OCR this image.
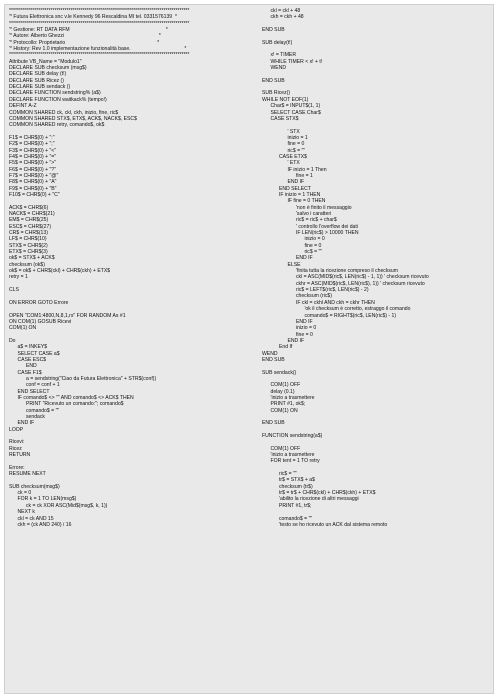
*******************************************************************************************
'* Futura Elettronica snc v.le Kennedy 96 Rescaldina MI tel. 0331576139  *
*******************************************************************************************
'* Gestione: RT DATA RFM                                                                    *
'* Autore: Alberto Ghezzi                                                                   *
'* Protocollo: Proprietario                                                                 *
'* History: Rev 1.0 implementazione funzionalità base.                                      *
*******************************************************************************************
Attribute VB_Name = "Modulo1"
DECLARE SUB checksum (msg$)
DECLARE SUB delay (t!)
DECLARE SUB Ricez ()
DECLARE SUB sendack ()
DECLARE FUNCTION sendstring% (a$)
DECLARE FUNCTION waitkack% (tempo!)
DEFINT A-Z
COMMON SHARED ck, ckl, ckh, inizio, fine, ric$
COMMON SHARED STX$, ETX$, ACK$, NACK$, ESC$
COMMON SHARED retry, comando$, ok$
F1$ = CHR$(0) + ":"
F2$ = CHR$(0) + ";"
F3$ = CHR$(0) + "<"
F4$ = CHR$(0) + "="
F5$ = CHR$(0) + ">"
F6$ = CHR$(0) + "?"
F7$ = CHR$(0) + "@"
F8$ = CHR$(0) + "A"
F9$ = CHR$(0) + "B"
F10$ = CHR$(0) + "C"
ACK$ = CHR$(6)
NACK$ = CHR$(21)
EM$ = CHR$(25)
ESC$ = CHR$(27)
CR$ = CHR$(13)
LF$ = CHR$(10)
STX$ = CHR$(2)
ETX$ = CHR$(3)
ok$ = STX$ + ACK$
checksum (ok$)
ok$ = ok$ + CHR$(ckl) + CHR$(ckh) + ETX$
retry = 1
CLS
ON ERROR GOTO Errore
OPEN "COM1:4800,N,8,1,rs" FOR RANDOM As #1
ON COM(1) GOSUB Ricevi
COM(1) ON
Do
a$ = INKEY$
SELECT CASE a$
CASE ESC$
END
CASE F1$
a = sendstring("Ciao da Futura Elettronica" + STR$(conf))
conf = conf + 1
END SELECT
IF comando$ <> "" AND comando$ <> ACK$ THEN
PRINT "Ricevuto un comando:"; comando$
comando$ = ""
sendack
END IF
LOOP
Ricevi:
Ricez
RETURN
Errore:
RESUME NEXT
SUB checksum(msg$)
ck = 0
FOR k = 1 TO LEN(msg$)
ck = ck XOR ASC(Mid$(msg$, k, 1))
NEXT k
ckl = ck AND 15
ckh = (ck AND 240) / 16
ckl = ckl + 48
ckh = ckh + 48
END SUB
SUB delay(t!)
x! = TIMER
WHILE TIMER < x! + t!
WEND
END SUB
SUB Ricez()
WHILE NOT EOF(1)
Char$ = INPUT$(1, 1)
SELECT CASE Char$
CASE STX$
' STX
inizio = 1
fine = 0
ric$ = ""
CASE ETX$
' ETX
IF inizio = 1 Then
fine = 1
END IF
END SELECT
IF inizio = 1 THEN
IF fine = 0 THEN
'non è finito il messaggio
'salvo i caratteri
ric$ = ric$ + char$
' controllo l'overflow dei dati
IF LEN(ric$) > 10000 THEN
inizio = 0
fine = 0
ric$ = ""
END IF
ELSE
'finita tutta la ricezione compreso il checksum
ckl = ASC(MID$(ric$, LEN(ric$) - 1, 1)) ' checksum ricevuto
ckhr = ASC(MID$(ric$, LEN(ric$), 1)) ' checksum ricevuto
ric$ = LEFT$(ric$, LEN(ric$) - 2)
checksum (ric$)
IF ckl = ckhl AND ckh = ckhr THEN
'ok il checksum è corretto, estraggo il comando
comando$ = RIGHT$(ric$, LEN(ric$) - 1)
END IF
inizio = 0
fine = 0
END IF
End If
WEND
END SUB
SUB sendack()
COM(1) OFF
delay (0.1)
'inizio a trasmettere
PRINT #1, ok$;
COM(1) ON
END SUB
FUNCTION sendstring(a$)
COM(1) OFF
'inizio a trasmettere
FOR tent = 1 TO retry
ric$ = ""
tr$ = STX$ + a$
checksum (tr$)
tr$ = tr$ + CHR$(ckl) + CHR$(ckh) + ETX$
'abilito la ricezione di altri messaggi
PRINT #1, tr$;
comando$ = ""
'testo se ho ricevuto un ACK dal sistema remoto
